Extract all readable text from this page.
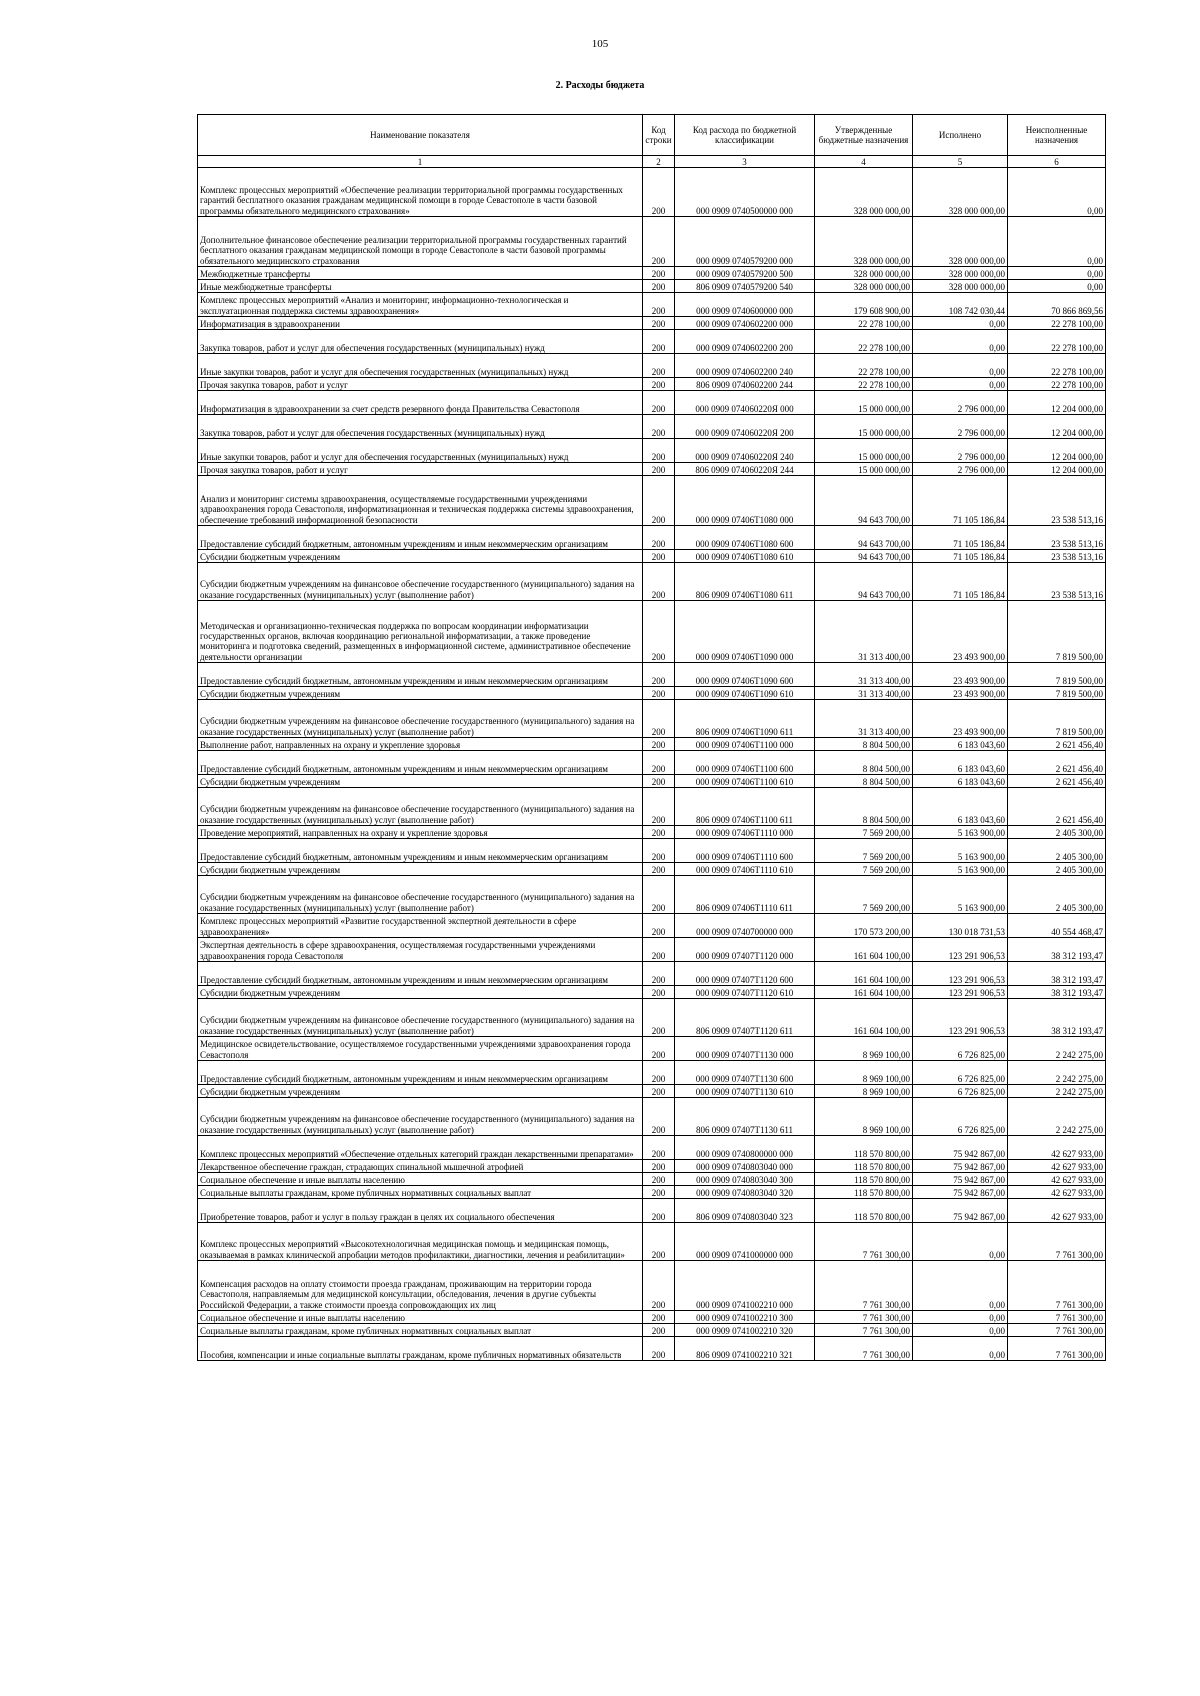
105
2. Расходы бюджета
Наименование показателя	Код строки	Код расхода по бюджетной классификации	Утвержденные бюджетные назначения	Исполнено	Неисполненные назначения
1	2	3	4	5	6
Комплекс процессных мероприятий «Обеспечение реализации территориальной программы государственных гарантий бесплатного оказания гражданам медицинской помощи в городе Севастополе в части базовой программы обязательного медицинского страхования»	200	000 0909 0740500000 000	328 000 000,00	328 000 000,00	0,00
Дополнительное финансовое обеспечение реализации территориальной программы государственных гарантий бесплатного оказания гражданам медицинской помощи в городе Севастополе в части базовой программы обязательного медицинского страхования	200	000 0909 0740579200 000	328 000 000,00	328 000 000,00	0,00
Межбюджетные трансферты	200	000 0909 0740579200 500	328 000 000,00	328 000 000,00	0,00
Иные межбюджетные трансферты	200	806 0909 0740579200 540	328 000 000,00	328 000 000,00	0,00
Комплекс процессных мероприятий «Анализ и мониторинг, информационно-технологическая и эксплуатационная поддержка системы здравоохранения»	200	000 0909 0740600000 000	179 608 900,00	108 742 030,44	70 866 869,56
Информатизация в здравоохранении	200	000 0909 0740602200 000	22 278 100,00	0,00	22 278 100,00
Закупка товаров, работ и услуг для обеспечения государственных (муниципальных) нужд	200	000 0909 0740602200 200	22 278 100,00	0,00	22 278 100,00
Иные закупки товаров, работ и услуг для обеспечения государственных (муниципальных) нужд	200	000 0909 0740602200 240	22 278 100,00	0,00	22 278 100,00
Прочая закупка товаров, работ и услуг	200	806 0909 0740602200 244	22 278 100,00	0,00	22 278 100,00
Информатизация в здравоохранении за счет средств резервного фонда Правительства Севастополя	200	000 0909 074060220Я 000	15 000 000,00	2 796 000,00	12 204 000,00
Закупка товаров, работ и услуг для обеспечения государственных (муниципальных) нужд	200	000 0909 074060220Я 200	15 000 000,00	2 796 000,00	12 204 000,00
Иные закупки товаров, работ и услуг для обеспечения государственных (муниципальных) нужд	200	000 0909 074060220Я 240	15 000 000,00	2 796 000,00	12 204 000,00
Прочая закупка товаров, работ и услуг	200	806 0909 074060220Я 244	15 000 000,00	2 796 000,00	12 204 000,00
Анализ и мониторинг системы здравоохранения, осуществляемые государственными учреждениями здравоохранения города Севастополя, информатизационная и техническая поддержка системы здравоохранения, обеспечение требований информационной безопасности	200	000 0909 07406Т1080 000	94 643 700,00	71 105 186,84	23 538 513,16
Предоставление субсидий бюджетным, автономным учреждениям и иным некоммерческим организациям	200	000 0909 07406Т1080 600	94 643 700,00	71 105 186,84	23 538 513,16
Субсидии бюджетным учреждениям	200	000 0909 07406Т1080 610	94 643 700,00	71 105 186,84	23 538 513,16
Субсидии бюджетным учреждениям на финансовое обеспечение государственного (муниципального) задания на оказание государственных (муниципальных) услуг (выполнение работ)	200	806 0909 07406Т1080 611	94 643 700,00	71 105 186,84	23 538 513,16
Методическая и организационно-техническая поддержка по вопросам координации информатизации государственных органов, включая координацию региональной информатизации, а также проведение мониторинга и подготовка сведений, размещенных в информационной системе, административное обеспечение деятельности организации	200	000 0909 07406Т1090 000	31 313 400,00	23 493 900,00	7 819 500,00
Предоставление субсидий бюджетным, автономным учреждениям и иным некоммерческим организациям	200	000 0909 07406Т1090 600	31 313 400,00	23 493 900,00	7 819 500,00
Субсидии бюджетным учреждениям	200	000 0909 07406Т1090 610	31 313 400,00	23 493 900,00	7 819 500,00
Субсидии бюджетным учреждениям на финансовое обеспечение государственного (муниципального) задания на оказание государственных (муниципальных) услуг (выполнение работ)	200	806 0909 07406Т1090 611	31 313 400,00	23 493 900,00	7 819 500,00
Выполнение работ, направленных на охрану и укрепление здоровья	200	000 0909 07406Т1100 000	8 804 500,00	6 183 043,60	2 621 456,40
Предоставление субсидий бюджетным, автономным учреждениям и иным некоммерческим организациям	200	000 0909 07406Т1100 600	8 804 500,00	6 183 043,60	2 621 456,40
Субсидии бюджетным учреждениям	200	000 0909 07406Т1100 610	8 804 500,00	6 183 043,60	2 621 456,40
Субсидии бюджетным учреждениям на финансовое обеспечение государственного (муниципального) задания на оказание государственных (муниципальных) услуг (выполнение работ)	200	806 0909 07406Т1100 611	8 804 500,00	6 183 043,60	2 621 456,40
Проведение мероприятий, направленных на охрану и укрепление здоровья	200	000 0909 07406Т1110 000	7 569 200,00	5 163 900,00	2 405 300,00
Предоставление субсидий бюджетным, автономным учреждениям и иным некоммерческим организациям	200	000 0909 07406Т1110 600	7 569 200,00	5 163 900,00	2 405 300,00
Субсидии бюджетным учреждениям	200	000 0909 07406Т1110 610	7 569 200,00	5 163 900,00	2 405 300,00
Субсидии бюджетным учреждениям на финансовое обеспечение государственного (муниципального) задания на оказание государственных (муниципальных) услуг (выполнение работ)	200	806 0909 07406Т1110 611	7 569 200,00	5 163 900,00	2 405 300,00
Комплекс процессных мероприятий «Развитие государственной экспертной деятельности в сфере здравоохранения»	200	000 0909 0740700000 000	170 573 200,00	130 018 731,53	40 554 468,47
Экспертная деятельность в сфере здравоохранения, осуществляемая государственными учреждениями здравоохранения города Севастополя	200	000 0909 07407Т1120 000	161 604 100,00	123 291 906,53	38 312 193,47
Предоставление субсидий бюджетным, автономным учреждениям и иным некоммерческим организациям	200	000 0909 07407Т1120 600	161 604 100,00	123 291 906,53	38 312 193,47
Субсидии бюджетным учреждениям	200	000 0909 07407Т1120 610	161 604 100,00	123 291 906,53	38 312 193,47
Субсидии бюджетным учреждениям на финансовое обеспечение государственного (муниципального) задания на оказание государственных (муниципальных) услуг (выполнение работ)	200	806 0909 07407Т1120 611	161 604 100,00	123 291 906,53	38 312 193,47
Медицинское освидетельствование, осуществляемое государственными учреждениями здравоохранения города Севастополя	200	000 0909 07407Т1130 000	8 969 100,00	6 726 825,00	2 242 275,00
Предоставление субсидий бюджетным, автономным учреждениям и иным некоммерческим организациям	200	000 0909 07407Т1130 600	8 969 100,00	6 726 825,00	2 242 275,00
Субсидии бюджетным учреждениям	200	000 0909 07407Т1130 610	8 969 100,00	6 726 825,00	2 242 275,00
Субсидии бюджетным учреждениям на финансовое обеспечение государственного (муниципального) задания на оказание государственных (муниципальных) услуг (выполнение работ)	200	806 0909 07407Т1130 611	8 969 100,00	6 726 825,00	2 242 275,00
Комплекс процессных мероприятий «Обеспечение отдельных категорий граждан лекарственными препаратами»	200	000 0909 0740800000 000	118 570 800,00	75 942 867,00	42 627 933,00
Лекарственное обеспечение граждан, страдающих спинальной мышечной атрофией	200	000 0909 0740803040 000	118 570 800,00	75 942 867,00	42 627 933,00
Социальное обеспечение и иные выплаты населению	200	000 0909 0740803040 300	118 570 800,00	75 942 867,00	42 627 933,00
Социальные выплаты гражданам, кроме публичных нормативных социальных выплат	200	000 0909 0740803040 320	118 570 800,00	75 942 867,00	42 627 933,00
Приобретение товаров, работ и услуг в пользу граждан в целях их социального обеспечения	200	806 0909 0740803040 323	118 570 800,00	75 942 867,00	42 627 933,00
Комплекс процессных мероприятий «Высокотехнологичная медицинская помощь и медицинская помощь, оказываемая в рамках клинической апробации методов профилактики, диагностики, лечения и реабилитации»	200	000 0909 0741000000 000	7 761 300,00	0,00	7 761 300,00
Компенсация расходов на оплату стоимости проезда гражданам, проживающим на территории города Севастополя, направляемым для медицинской консультации, обследования, лечения в другие субъекты Российской Федерации, а также стоимости проезда сопровождающих их лиц	200	000 0909 0741002210 000	7 761 300,00	0,00	7 761 300,00
Социальное обеспечение и иные выплаты населению	200	000 0909 0741002210 300	7 761 300,00	0,00	7 761 300,00
Социальные выплаты гражданам, кроме публичных нормативных социальных выплат	200	000 0909 0741002210 320	7 761 300,00	0,00	7 761 300,00
Пособия, компенсации и иные социальные выплаты гражданам, кроме публичных нормативных обязательств	200	806 0909 0741002210 321	7 761 300,00	0,00	7 761 300,00
